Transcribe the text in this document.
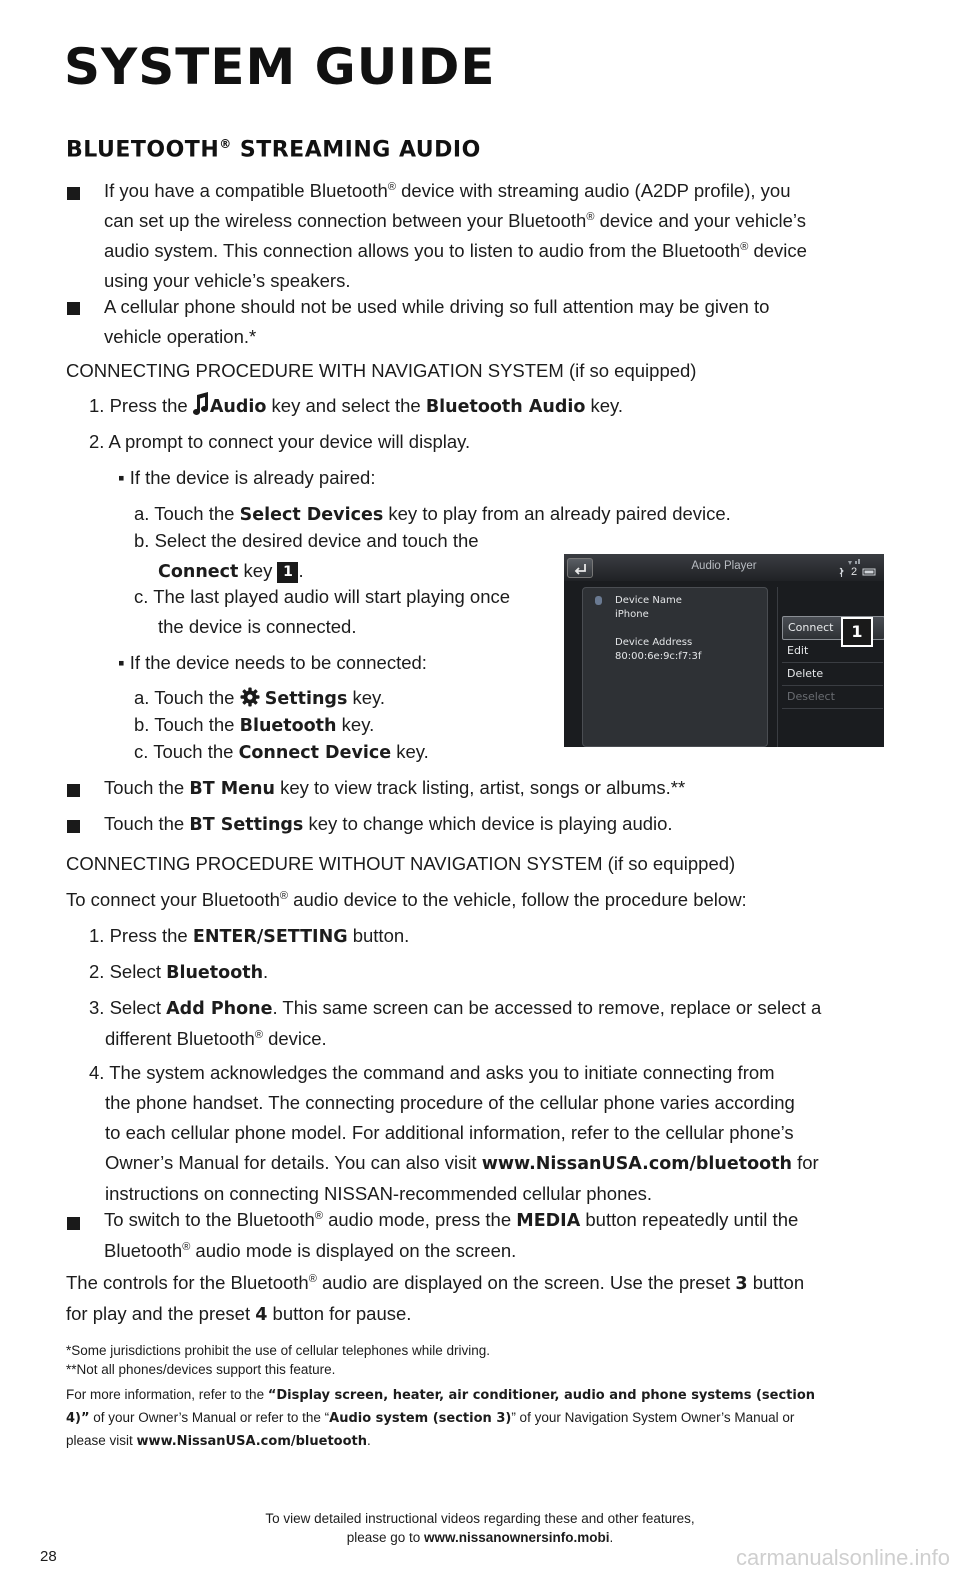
SYSTEM GUIDE
BLUETOOTH® STREAMING AUDIO
If you have a compatible Bluetooth® device with streaming audio (A2DP profile), you
can set up the wireless connection between your Bluetooth® device and your vehicle’s
audio system. This connection allows you to listen to audio from the Bluetooth® device
using your vehicle’s speakers.
A cellular phone should not be used while driving so full attention may be given to
vehicle operation.*
CONNECTING PROCEDURE WITH NAVIGATION SYSTEM (if so equipped)
1. Press the Audio key and select the Bluetooth Audio key.
2. A prompt to connect your device will display.
▪ If the device is already paired:
a. Touch the Select Devices key to play from an already paired device.
b. Select the desired device and touch the
Connect key 1 .
c. The last played audio will start playing once
the device is connected.
▪ If the device needs to be connected:
a. Touch the  Settings key.
b. Touch the Bluetooth key.
c. Touch the Connect Device key.
Touch the BT Menu key to view track listing, artist, songs or albums.**
Touch the BT Settings key to change which device is playing audio.
Audio Player	2
Device Name
iPhone
Device Address
80:00:6e:9c:f7:3f
Connect
Edit
Delete
Deselect
1
CONNECTING PROCEDURE WITHOUT NAVIGATION SYSTEM (if so equipped)
To connect your Bluetooth® audio device to the vehicle, follow the procedure below:
1. Press the ENTER/SETTING button.
2. Select Bluetooth.
3. Select Add Phone. This same screen can be accessed to remove, replace or select a
different Bluetooth® device.
4. The system acknowledges the command and asks you to initiate connecting from
the phone handset. The connecting procedure of the cellular phone varies according
to each cellular phone model. For additional information, refer to the cellular phone’s
Owner’s Manual for details. You can also visit www.NissanUSA.com/bluetooth for
instructions on connecting NISSAN-recommended cellular phones.
To switch to the Bluetooth® audio mode, press the MEDIA button repeatedly until the
Bluetooth® audio mode is displayed on the screen.
The controls for the Bluetooth® audio are displayed on the screen. Use the preset 3 button
for play and the preset 4 button for pause.
*Some jurisdictions prohibit the use of cellular telephones while driving.
**Not all phones/devices support this feature.
For more information, refer to the “Display screen, heater, air conditioner, audio and phone systems (section
4)” of your Owner’s Manual or refer to the “Audio system (section 3)” of your Navigation System Owner’s Manual or
please visit www.NissanUSA.com/bluetooth.
To view detailed instructional videos regarding these and other features,
please go to www.nissanownersinfo.mobi.
28	carmanualsonline.info
